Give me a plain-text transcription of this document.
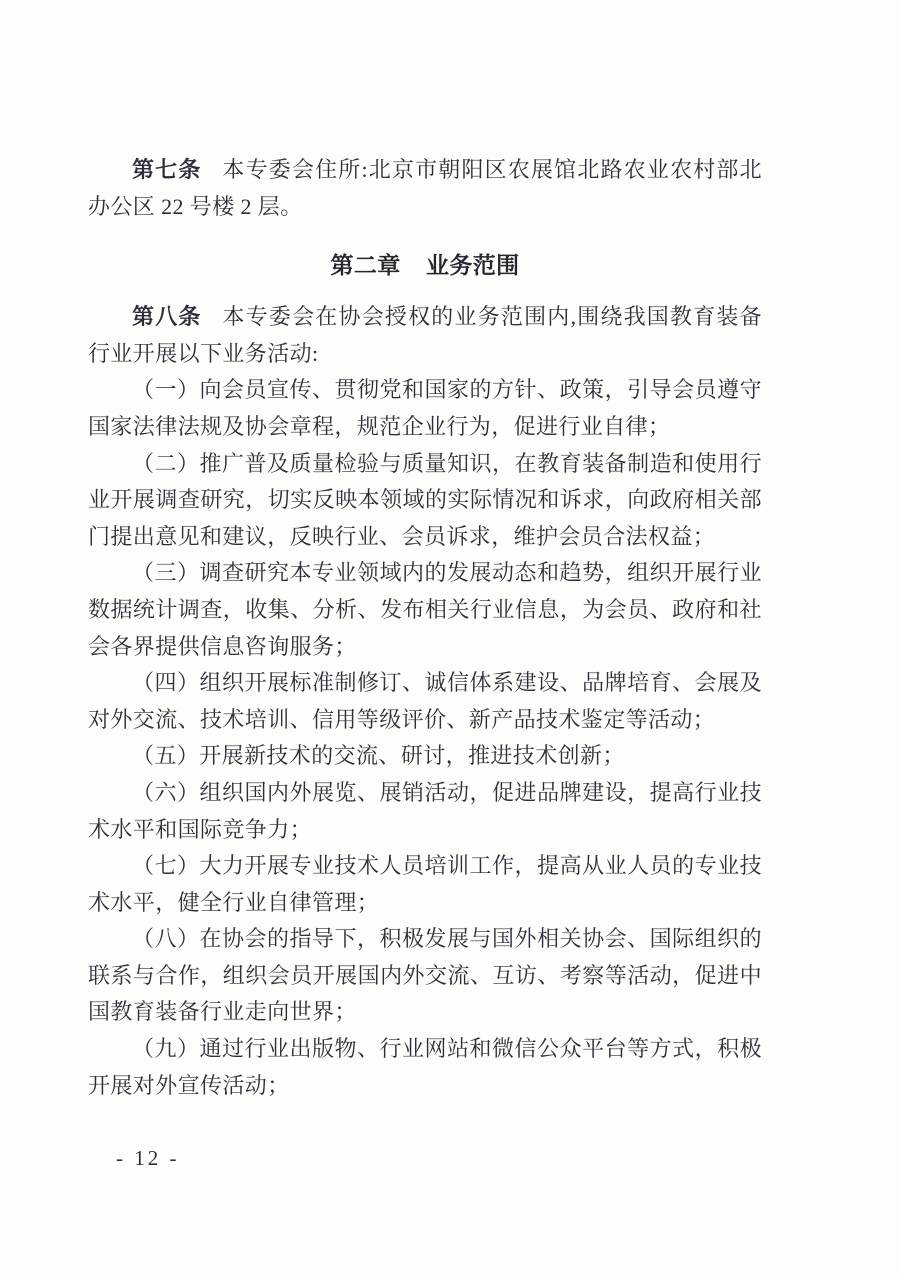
第七条 本专委会住所:北京市朝阳区农展馆北路农业农村部北办公区 22 号楼 2 层。

第二章 业务范围

第八条 本专委会在协会授权的业务范围内,围绕我国教育装备行业开展以下业务活动:

（一）向会员宣传、贯彻党和国家的方针、政策，引导会员遵守国家法律法规及协会章程，规范企业行为，促进行业自律；

（二）推广普及质量检验与质量知识，在教育装备制造和使用行业开展调查研究，切实反映本领域的实际情况和诉求，向政府相关部门提出意见和建议，反映行业、会员诉求，维护会员合法权益；

（三）调查研究本专业领域内的发展动态和趋势，组织开展行业数据统计调查，收集、分析、发布相关行业信息，为会员、政府和社会各界提供信息咨询服务；

（四）组织开展标准制修订、诚信体系建设、品牌培育、会展及对外交流、技术培训、信用等级评价、新产品技术鉴定等活动；

（五）开展新技术的交流、研讨，推进技术创新；

（六）组织国内外展览、展销活动，促进品牌建设，提高行业技术水平和国际竞争力；

（七）大力开展专业技术人员培训工作，提高从业人员的专业技术水平，健全行业自律管理；

（八）在协会的指导下，积极发展与国外相关协会、国际组织的联系与合作，组织会员开展国内外交流、互访、考察等活动，促进中国教育装备行业走向世界；

（九）通过行业出版物、行业网站和微信公众平台等方式，积极开展对外宣传活动；

- 12 -
